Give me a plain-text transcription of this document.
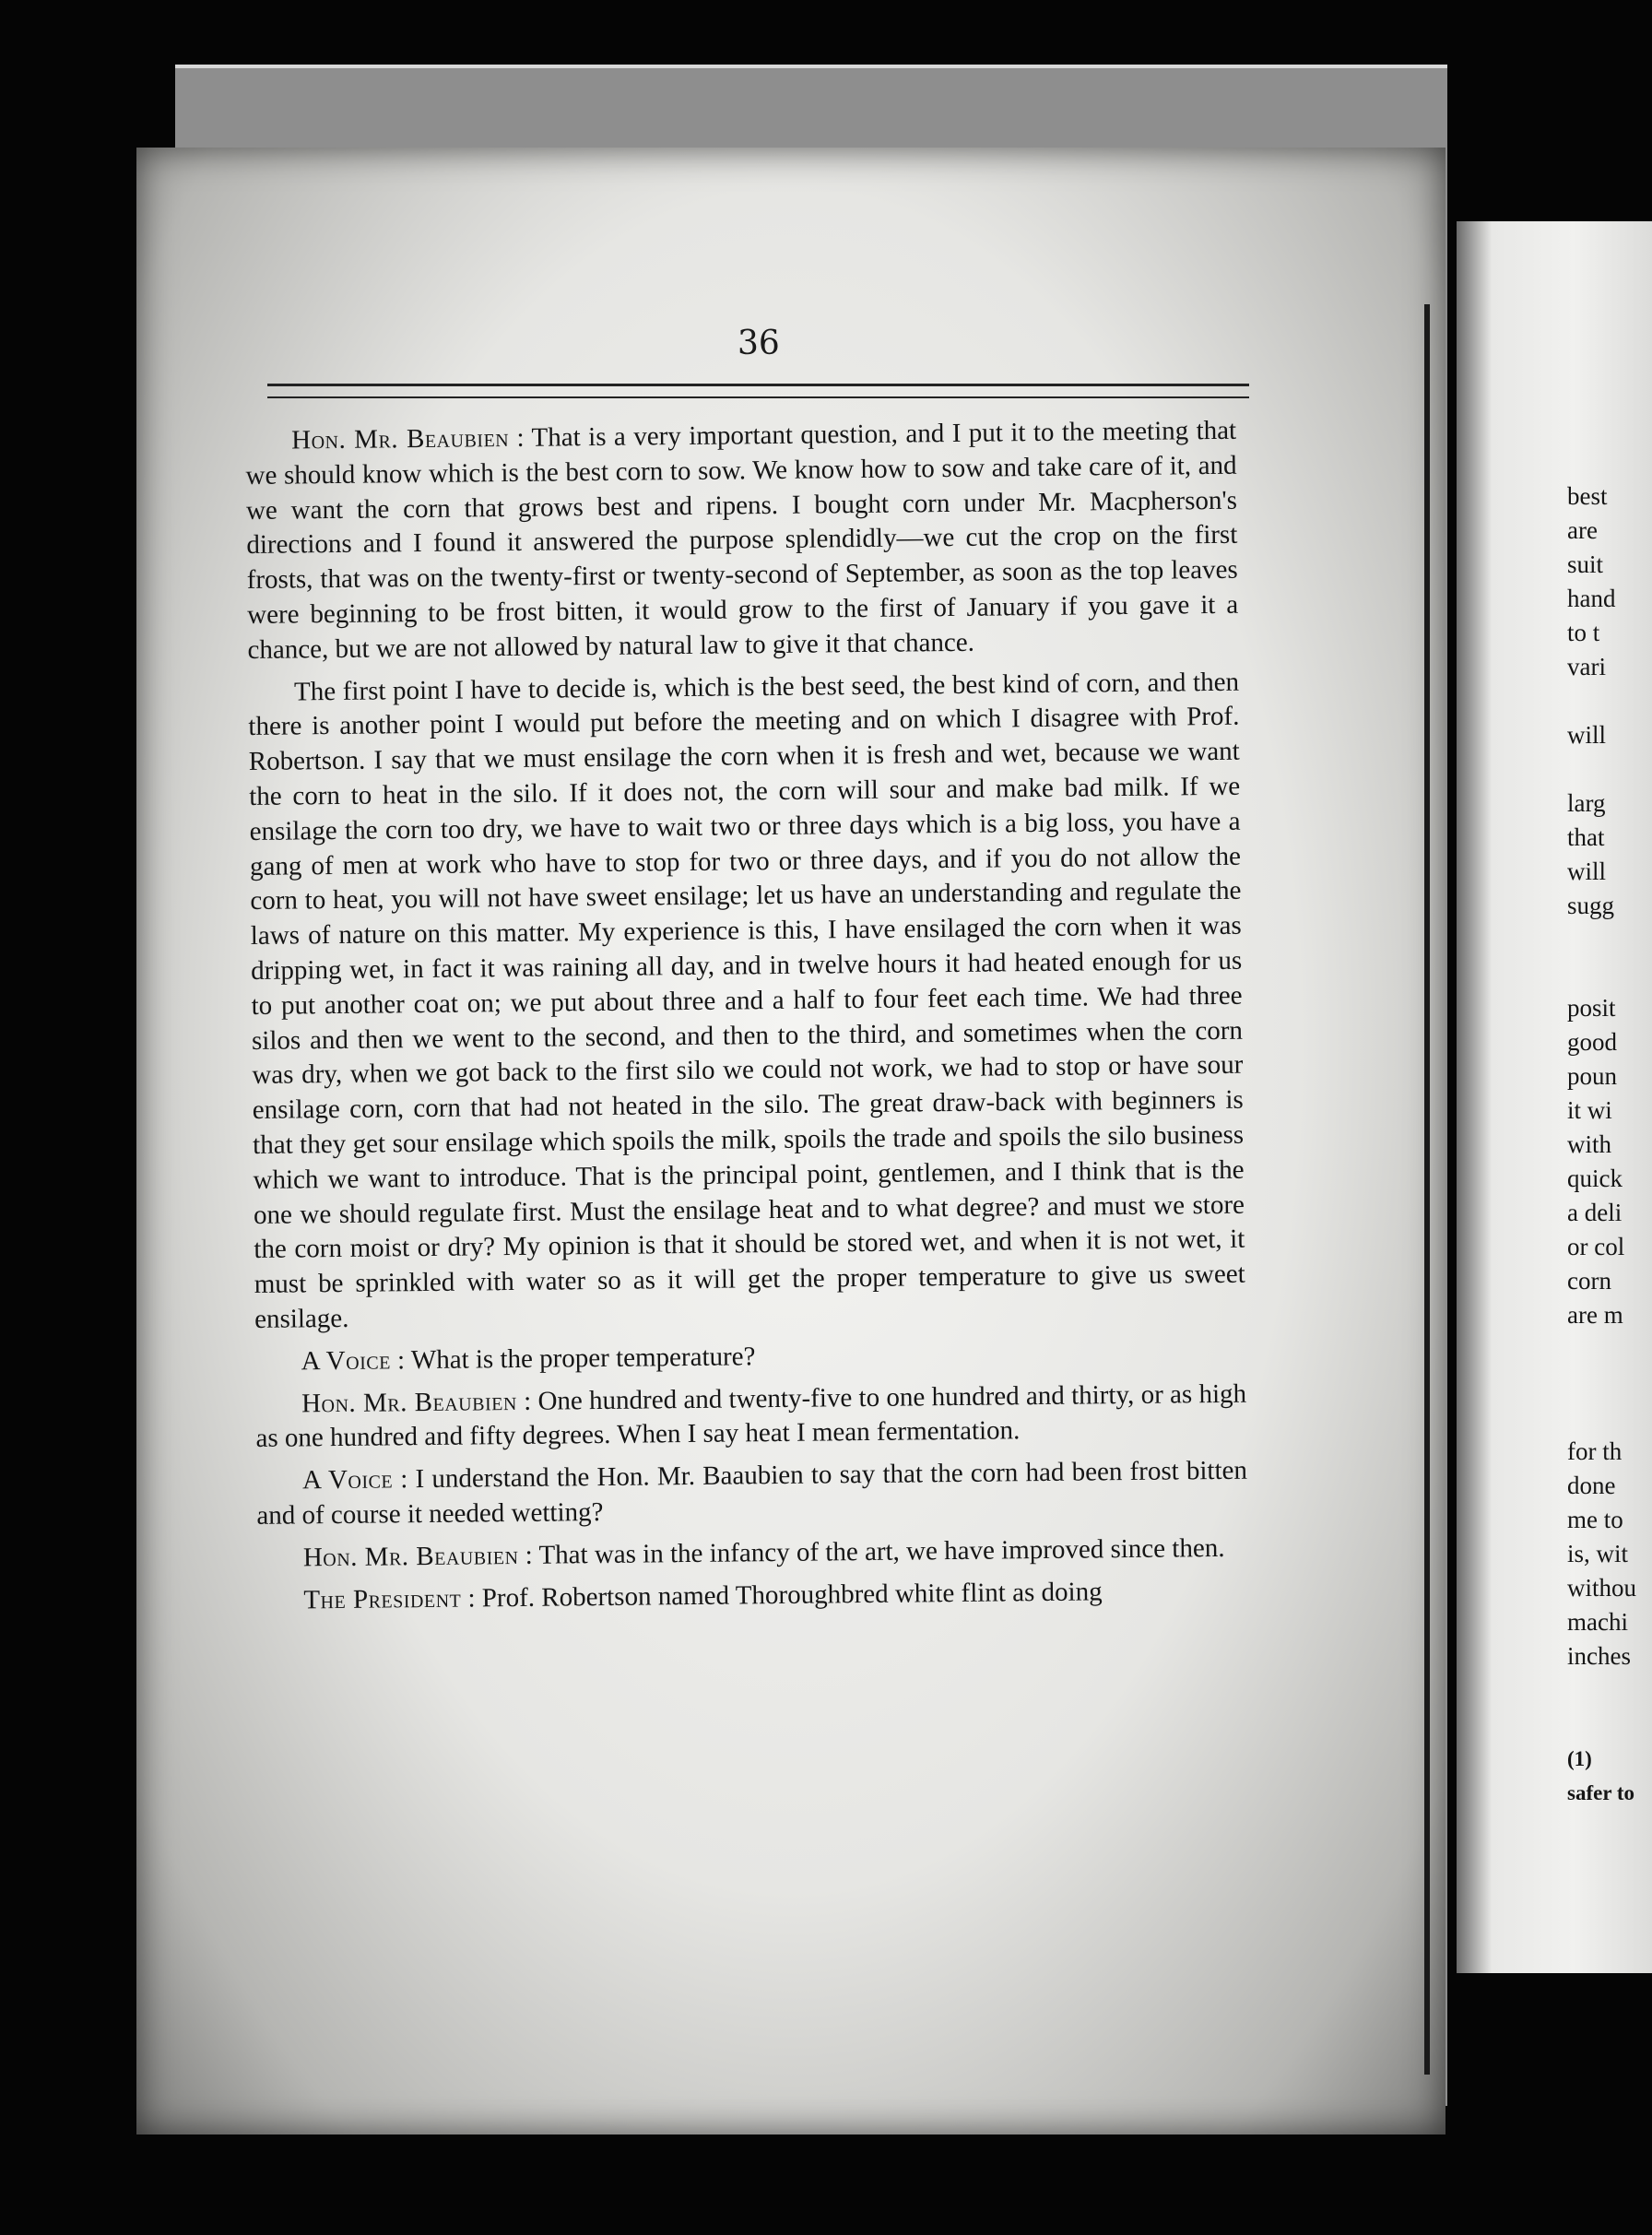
36

Hon. Mr. Beaubien : That is a very important question, and I put it to the meeting that we should know which is the best corn to sow. We know how to sow and take care of it, and we want the corn that grows best and ripens. I bought corn under Mr. Macpherson's directions and I found it answered the purpose splendidly—we cut the crop on the first frosts, that was on the twenty-first or twenty-second of September, as soon as the top leaves were beginning to be frost bitten, it would grow to the first of January if you gave it a chance, but we are not allowed by natural law to give it that chance.

The first point I have to decide is, which is the best seed, the best kind of corn, and then there is another point I would put before the meeting and on which I disagree with Prof. Robertson. I say that we must ensilage the corn when it is fresh and wet, because we want the corn to heat in the silo. If it does not, the corn will sour and make bad milk. If we ensilage the corn too dry, we have to wait two or three days which is a big loss, you have a gang of men at work who have to stop for two or three days, and if you do not allow the corn to heat, you will not have sweet ensilage; let us have an understanding and regulate the laws of nature on this matter. My experience is this, I have ensilaged the corn when it was dripping wet, in fact it was raining all day, and in twelve hours it had heated enough for us to put another coat on; we put about three and a half to four feet each time. We had three silos and then we went to the second, and then to the third, and sometimes when the corn was dry, when we got back to the first silo we could not work, we had to stop or have sour ensilage corn, corn that had not heated in the silo. The great draw-back with beginners is that they get sour ensilage which spoils the milk, spoils the trade and spoils the silo business which we want to introduce. That is the principal point, gentlemen, and I think that is the one we should regulate first. Must the ensilage heat and to what degree? and must we store the corn moist or dry? My opinion is that it should be stored wet, and when it is not wet, it must be sprinkled with water so as it will get the proper temperature to give us sweet ensilage.

A Voice : What is the proper temperature?

Hon. Mr. Beaubien : One hundred and twenty-five to one hundred and thirty, or as high as one hundred and fifty degrees. When I say heat I mean fermentation.

A Voice : I understand the Hon. Mr. Baaubien to say that the corn had been frost bitten and of course it needed wetting?

Hon. Mr. Beaubien : That was in the infancy of the art, we have improved since then.

The President : Prof. Robertson named Thoroughbred white flint as doing

best
are
suit
hand
to t
vari
will
larg
that
will
sugg
posit
good
poun
it wi
with
quick
a deli
or col
corn
are m
for th
done
me to
is, wit
withou
machi
inches
(1)
safer to
